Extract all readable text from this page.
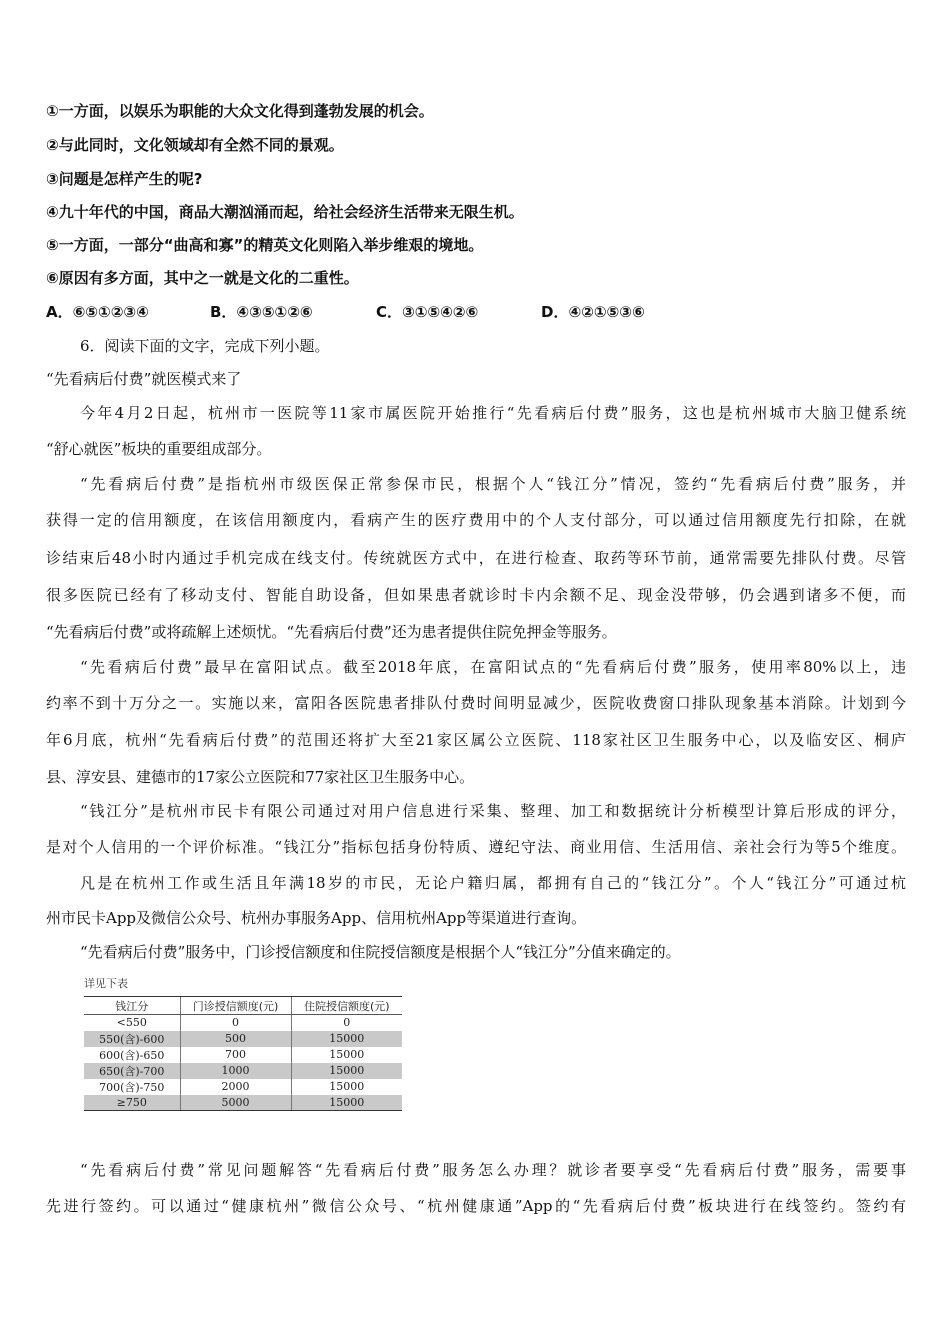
①一方面，以娱乐为职能的大众文化得到蓬勃发展的机会。
②与此同时，文化领域却有全然不同的景观。
③问题是怎样产生的呢?
④九十年代的中国，商品大潮汹涌而起，给社会经济生活带来无限生机。
⑤一方面，一部分“曲高和寡”的精英文化则陷入举步维艰的境地。
⑥原因有多方面，其中之一就是文化的二重性。
A．⑥⑤①②③④	B．④③⑤①②⑥	C．③①⑤④②⑥	D．④②①⑤③⑥
6．阅读下面的文字，完成下列小题。
“先看病后付费”就医模式来了
今年4月2日起，杭州市一医院等11家市属医院开始推行“先看病后付费”服务，这也是杭州城市大脑卫健系统
“舒心就医”板块的重要组成部分。
“先看病后付费”是指杭州市级医保正常参保市民，根据个人“钱江分”情况，签约“先看病后付费”服务，并
获得一定的信用额度，在该信用额度内，看病产生的医疗费用中的个人支付部分，可以通过信用额度先行扣除，在就
诊结束后48小时内通过手机完成在线支付。传统就医方式中，在进行检查、取药等环节前，通常需要先排队付费。尽管
很多医院已经有了移动支付、智能自助设备，但如果患者就诊时卡内余额不足、现金没带够，仍会遇到诸多不便，而
“先看病后付费”或将疏解上述烦忧。“先看病后付费”还为患者提供住院免押金等服务。
“先看病后付费”最早在富阳试点。截至2018年底，在富阳试点的“先看病后付费”服务，使用率80%以上，违
约率不到十万分之一。实施以来，富阳各医院患者排队付费时间明显减少，医院收费窗口排队现象基本消除。计划到今
年6月底，杭州“先看病后付费”的范围还将扩大至21家区属公立医院、118家社区卫生服务中心，以及临安区、桐庐
县、淳安县、建德市的17家公立医院和77家社区卫生服务中心。
“钱江分”是杭州市民卡有限公司通过对用户信息进行采集、整理、加工和数据统计分析模型计算后形成的评分，
是对个人信用的一个评价标准。“钱江分”指标包括身份特质、遵纪守法、商业用信、生活用信、亲社会行为等5个维度。
凡是在杭州工作或生活且年满18岁的市民，无论户籍归属，都拥有自己的“钱江分”。个人“钱江分”可通过杭
州市民卡App及微信公众号、杭州办事服务App、信用杭州App等渠道进行查询。
“先看病后付费”服务中，门诊授信额度和住院授信额度是根据个人“钱江分”分值来确定的。
详见下表
钱江分	门诊授信额度(元)	住院授信额度(元)
<550	0	0
550(含)-600	500	15000
600(含)-650	700	15000
650(含)-700	1000	15000
700(含)-750	2000	15000
≥750	5000	15000
“先看病后付费”常见问题解答“先看病后付费”服务怎么办理？就诊者要享受“先看病后付费”服务，需要事
先进行签约。可以通过“健康杭州”微信公众号、“杭州健康通”App的“先看病后付费”板块进行在线签约。签约有
